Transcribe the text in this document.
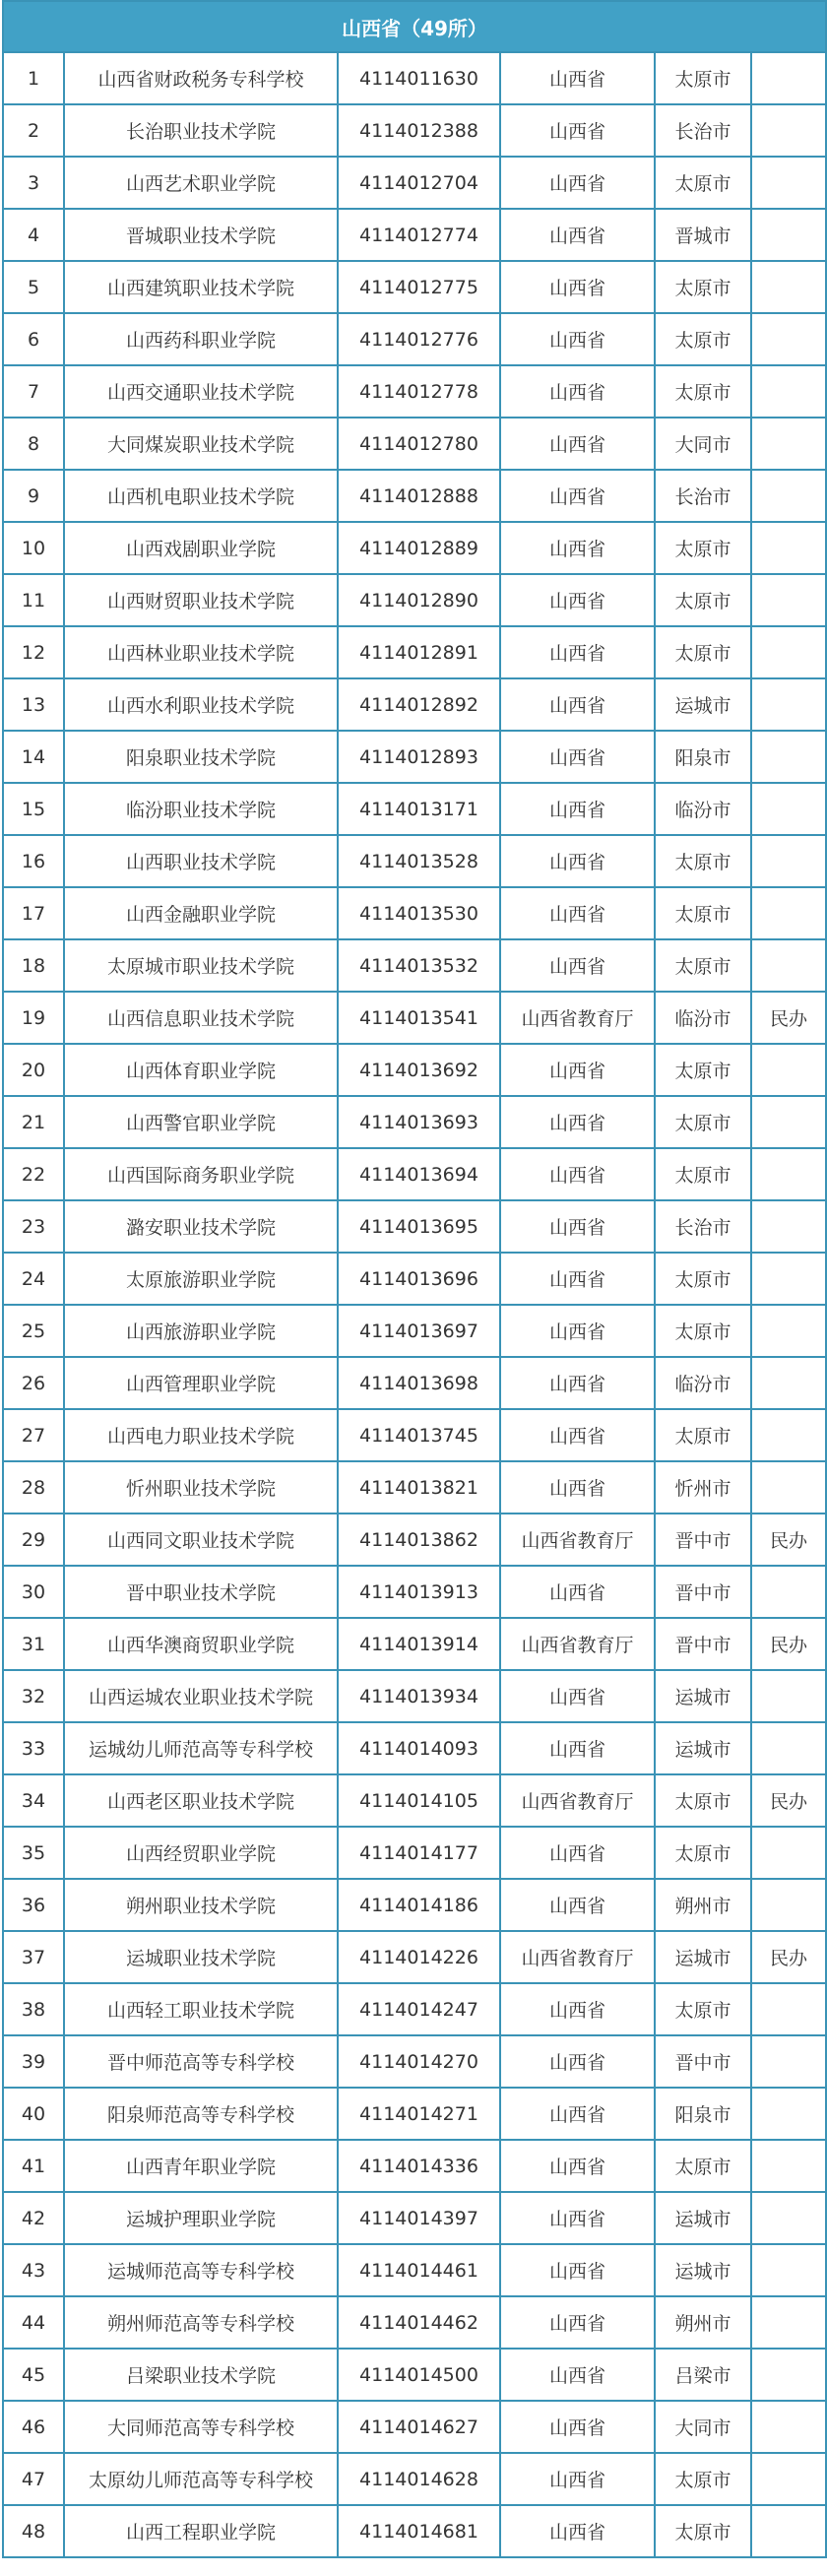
山西省（49所）					
1	山西省财政税务专科学校	4114011630	山西省	太原市	
2	长治职业技术学院	4114012388	山西省	长治市	
3	山西艺术职业学院	4114012704	山西省	太原市	
4	晋城职业技术学院	4114012774	山西省	晋城市	
5	山西建筑职业技术学院	4114012775	山西省	太原市	
6	山西药科职业学院	4114012776	山西省	太原市	
7	山西交通职业技术学院	4114012778	山西省	太原市	
8	大同煤炭职业技术学院	4114012780	山西省	大同市	
9	山西机电职业技术学院	4114012888	山西省	长治市	
10	山西戏剧职业学院	4114012889	山西省	太原市	
11	山西财贸职业技术学院	4114012890	山西省	太原市	
12	山西林业职业技术学院	4114012891	山西省	太原市	
13	山西水利职业技术学院	4114012892	山西省	运城市	
14	阳泉职业技术学院	4114012893	山西省	阳泉市	
15	临汾职业技术学院	4114013171	山西省	临汾市	
16	山西职业技术学院	4114013528	山西省	太原市	
17	山西金融职业学院	4114013530	山西省	太原市	
18	太原城市职业技术学院	4114013532	山西省	太原市	
19	山西信息职业技术学院	4114013541	山西省教育厅	临汾市	民办
20	山西体育职业学院	4114013692	山西省	太原市	
21	山西警官职业学院	4114013693	山西省	太原市	
22	山西国际商务职业学院	4114013694	山西省	太原市	
23	潞安职业技术学院	4114013695	山西省	长治市	
24	太原旅游职业学院	4114013696	山西省	太原市	
25	山西旅游职业学院	4114013697	山西省	太原市	
26	山西管理职业学院	4114013698	山西省	临汾市	
27	山西电力职业技术学院	4114013745	山西省	太原市	
28	忻州职业技术学院	4114013821	山西省	忻州市	
29	山西同文职业技术学院	4114013862	山西省教育厅	晋中市	民办
30	晋中职业技术学院	4114013913	山西省	晋中市	
31	山西华澳商贸职业学院	4114013914	山西省教育厅	晋中市	民办
32	山西运城农业职业技术学院	4114013934	山西省	运城市	
33	运城幼儿师范高等专科学校	4114014093	山西省	运城市	
34	山西老区职业技术学院	4114014105	山西省教育厅	太原市	民办
35	山西经贸职业学院	4114014177	山西省	太原市	
36	朔州职业技术学院	4114014186	山西省	朔州市	
37	运城职业技术学院	4114014226	山西省教育厅	运城市	民办
38	山西轻工职业技术学院	4114014247	山西省	太原市	
39	晋中师范高等专科学校	4114014270	山西省	晋中市	
40	阳泉师范高等专科学校	4114014271	山西省	阳泉市	
41	山西青年职业学院	4114014336	山西省	太原市	
42	运城护理职业学院	4114014397	山西省	运城市	
43	运城师范高等专科学校	4114014461	山西省	运城市	
44	朔州师范高等专科学校	4114014462	山西省	朔州市	
45	吕梁职业技术学院	4114014500	山西省	吕梁市	
46	大同师范高等专科学校	4114014627	山西省	大同市	
47	太原幼儿师范高等专科学校	4114014628	山西省	太原市	
48	山西工程职业学院	4114014681	山西省	太原市	
